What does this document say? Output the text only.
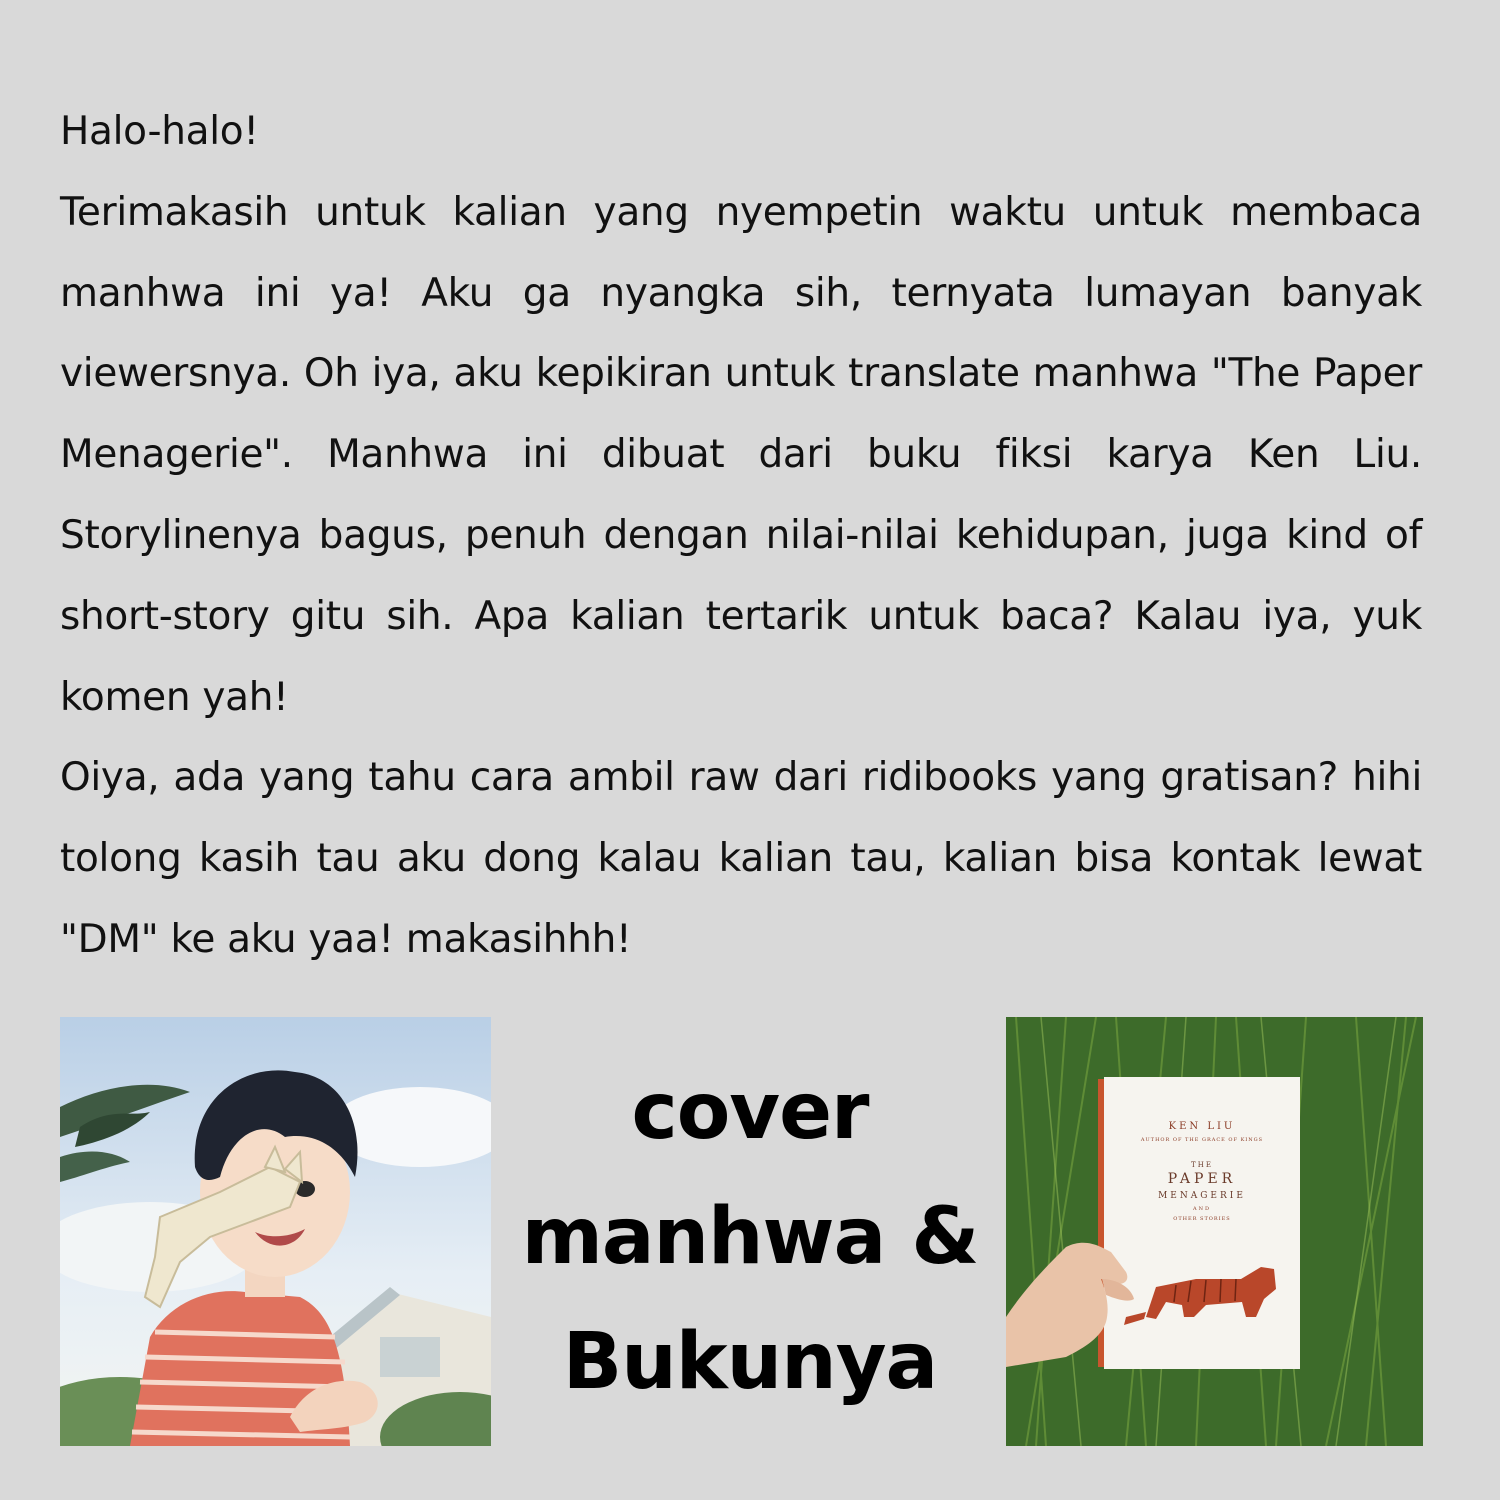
Halo-halo!

Terimakasih untuk kalian yang nyempetin waktu untuk membaca manhwa ini ya! Aku ga nyangka sih, ternyata lumayan banyak viewersnya. Oh iya, aku kepikiran untuk translate manhwa "The Paper Menagerie". Manhwa ini dibuat dari buku fiksi karya Ken Liu. Storylinenya bagus, penuh dengan nilai-nilai kehidupan, juga kind of short-story gitu sih. Apa kalian tertarik untuk baca? Kalau iya, yuk komen yah!

Oiya, ada yang tahu cara ambil raw dari ridibooks yang gratisan? hihi tolong kasih tau aku dong kalau kalian tau, kalian bisa kontak lewat "DM" ke aku yaa! makasihhh!

cover
manhwa &
Bukunya
KEN LIU
AUTHOR OF THE GRACE OF KINGS
THE
PAPER
MENAGERIE
AND
OTHER STORIES
